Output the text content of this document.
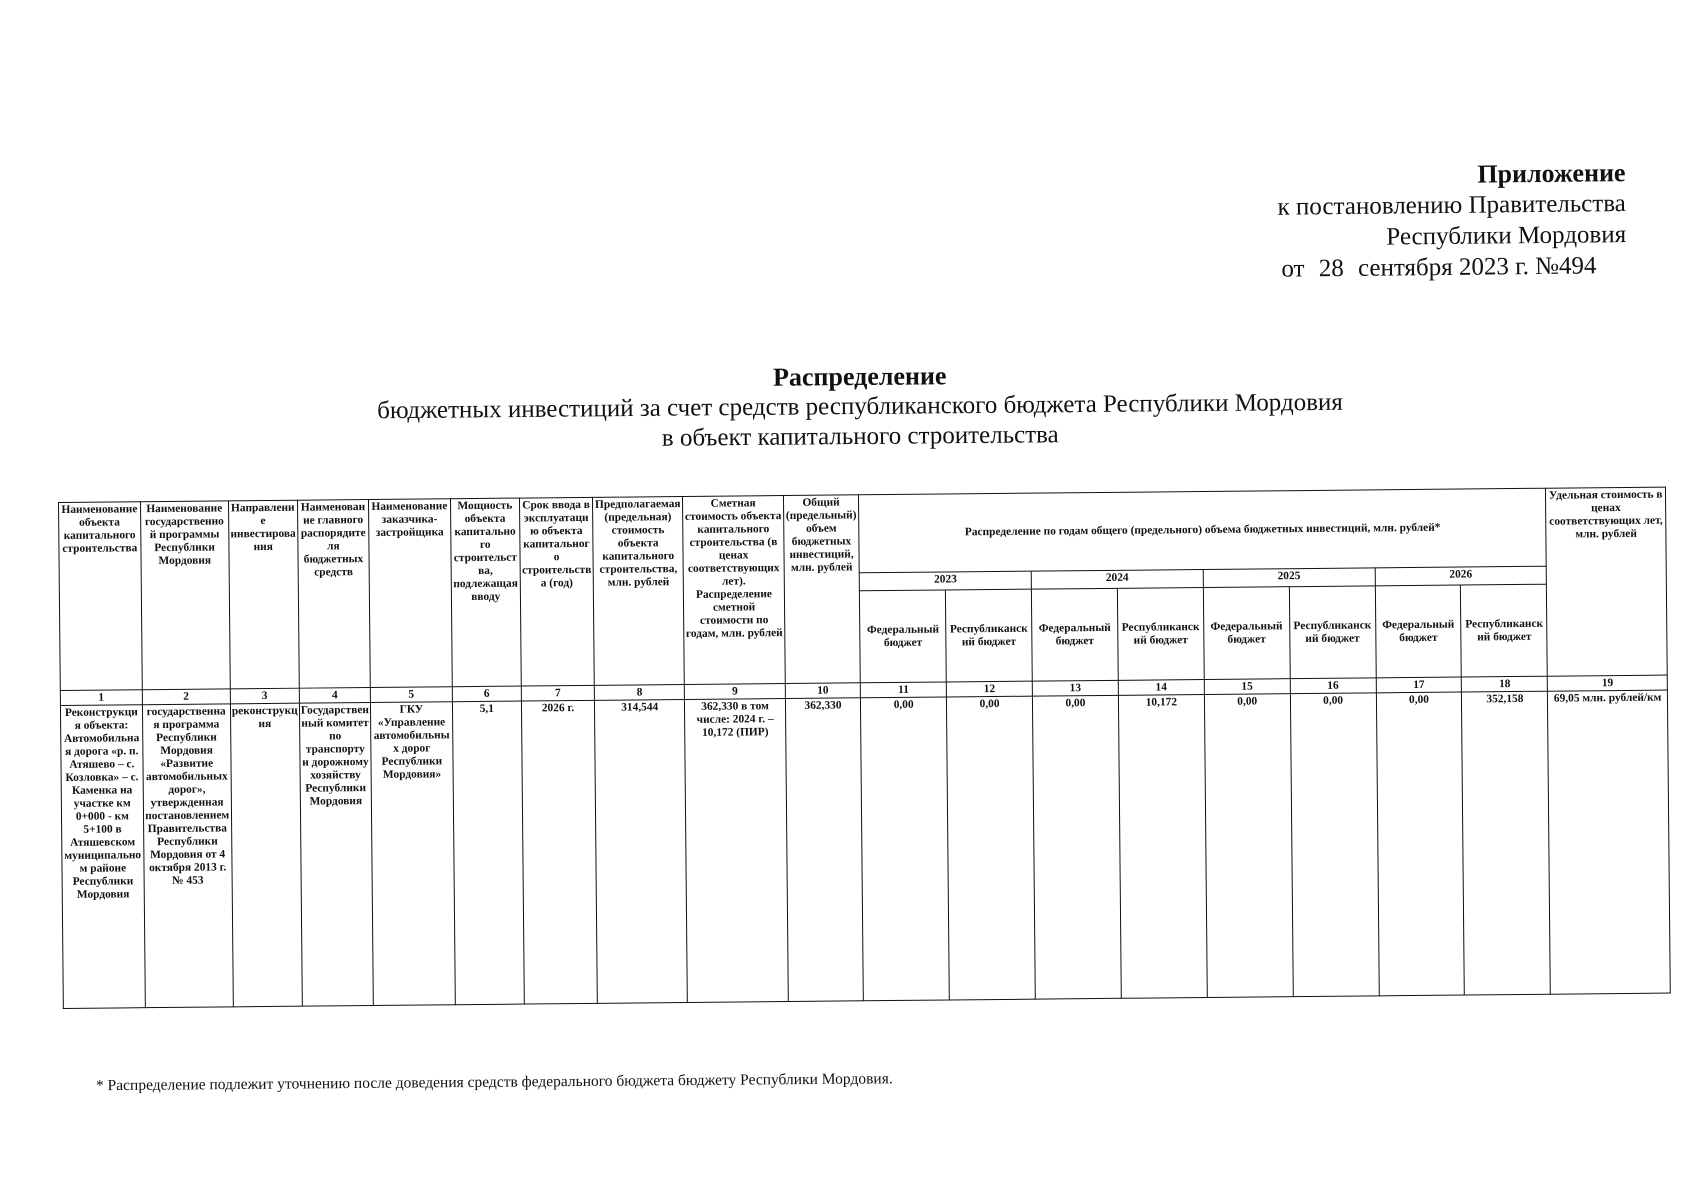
Приложение
к постановлению Правительства
Республики Мордовия
от 28 сентября 2023 г. №494
Распределение
бюджетных инвестиций за счет средств республиканского бюджета Республики Мордовия
в объект капитального строительства
Наименование объекта капитального строительства	Наименование государственной программы Республики Мордовия	Направление инвестирования	Наименование главного распорядителя бюджетных средств	Наименование заказчика-застройщика	Мощность объекта капитального строительства, подлежащая вводу	Срок ввода в эксплуатацию объекта капитального строительства (год)	Предполагаемая (предельная) стоимость объекта капитального строительства, млн. рублей	Сметная стоимость объекта капитального строительства (в ценах соответствующих лет). Распределение сметной стоимости по годам, млн. рублей	Общий (предельный) объем бюджетных инвестиций, млн. рублей	Распределение по годам общего (предельного) объема бюджетных инвестиций, млн. рублей*								Удельная стоимость в ценах соответствующих лет, млн. рублей
										2023		2024		2025		2026		
										Федеральный бюджет	Республиканский бюджет	Федеральный бюджет	Республиканский бюджет	Федеральный бюджет	Республиканский бюджет	Федеральный бюджет	Республиканский бюджет	
1	2	3	4	5	6	7	8	9	10	11	12	13	14	15	16	17	18	19
Реконструкция объекта: Автомобильная дорога «р. п. Атяшево – с. Козловка» – с. Каменка на участке км 0+000 - км 5+100 в Атяшевском муниципальном районе Республики Мордовия	государственная программа Республики Мордовия «Развитие автомобильных дорог», утвержденная постановлением Правительства Республики Мордовия от 4 октября 2013 г. № 453	реконструкция	Государственный комитет по транспорту и дорожному хозяйству Республики Мордовия	ГКУ «Управление автомобильных дорог Республики Мордовия»	5,1	2026 г.	314,544	362,330 в том числе: 2024 г. – 10,172 (ПИР)	362,330	0,00	0,00	0,00	10,172	0,00	0,00	0,00	352,158	69,05 млн. рублей/км
* Распределение подлежит уточнению после доведения средств федерального бюджета бюджету Республики Мордовия.
